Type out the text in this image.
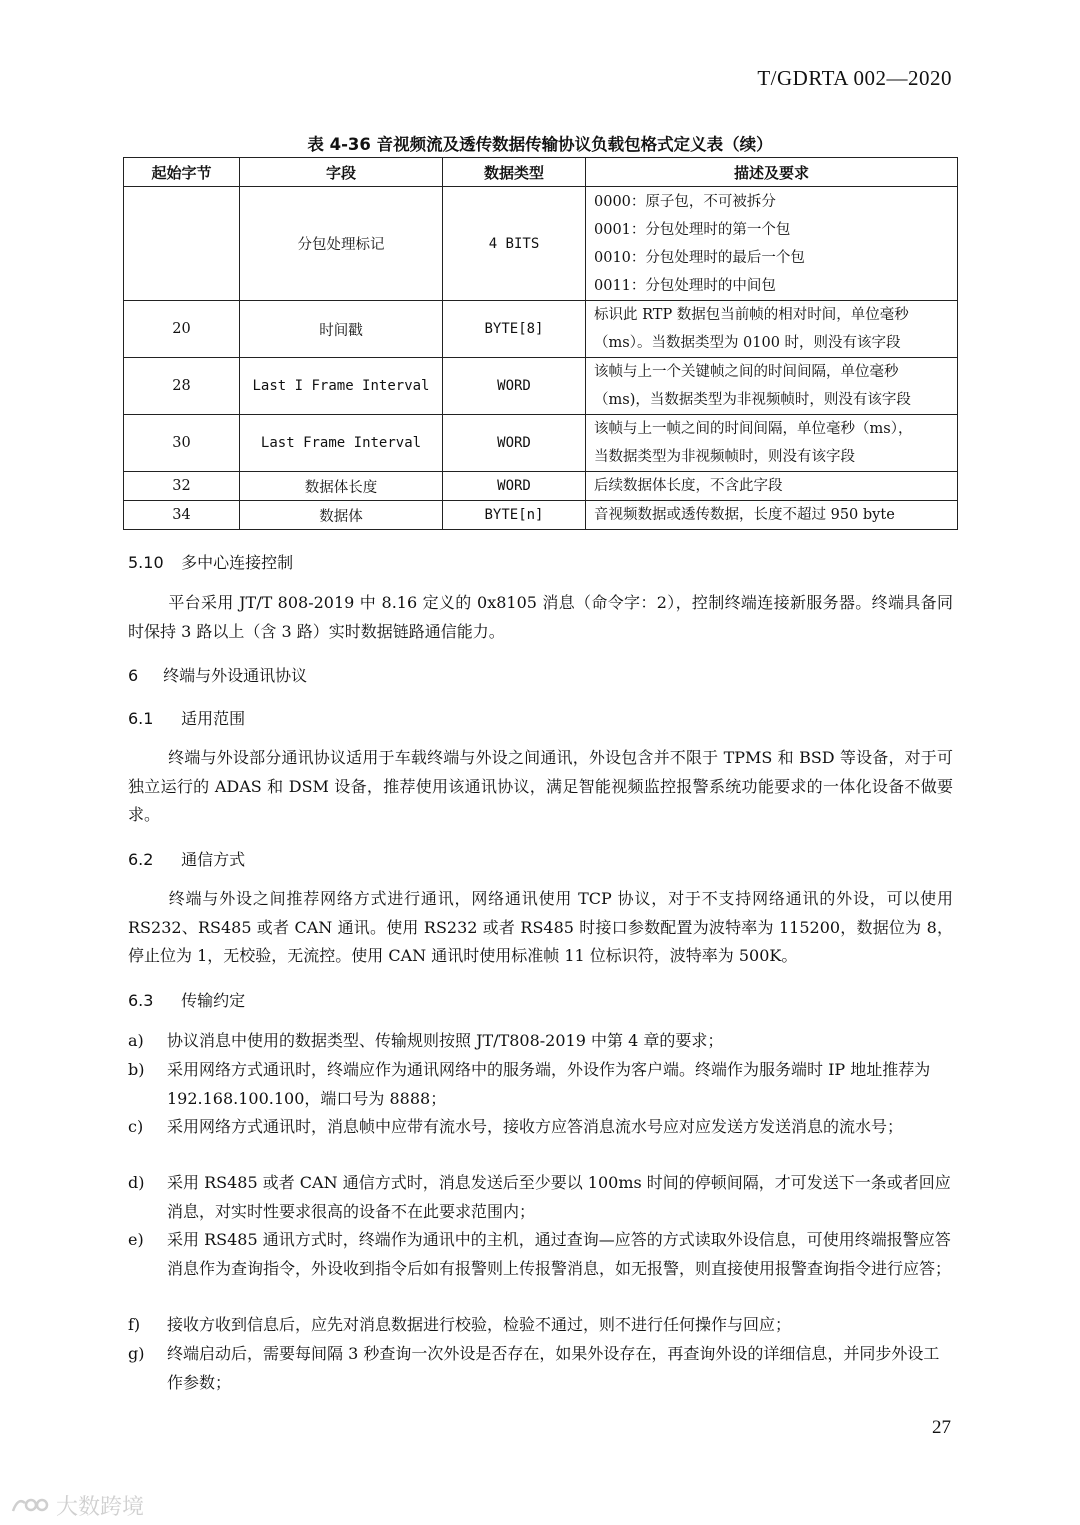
T/GDRTA 002—2020
表 4-36 音视频流及透传数据传输协议负载包格式定义表（续）
起始字节	字段	数据类型	描述及要求
	分包处理标记	4 BITS	0000：原子包，不可被拆分
0001：分包处理时的第一个包
0010：分包处理时的最后一个包
0011：分包处理时的中间包

20	时间戳	BYTE[8]	标识此 RTP 数据包当前帧的相对时间，单位毫秒
（ms）。当数据类型为 0100 时，则没有该字段

28	Last I Frame Interval	WORD	该帧与上一个关键帧之间的时间间隔，单位毫秒
（ms)，当数据类型为非视频帧时，则没有该字段

30	Last Frame Interval	WORD	该帧与上一帧之间的时间间隔，单位毫秒（ms），
当数据类型为非视频帧时，则没有该字段

32	数据体长度	WORD	后续数据体长度，不含此字段

34	数据体	BYTE[n]	音视频数据或透传数据，长度不超过 950 byte
5.10 多中心连接控制
平台采用 JT/T 808-2019 中 8.16 定义的 0x8105 消息（命令字：2），控制终端连接新服务器。终端具备同时保持 3 路以上（含 3 路）实时数据链路通信能力。
6 终端与外设通讯协议
6.1 适用范围
终端与外设部分通讯协议适用于车载终端与外设之间通讯，外设包含并不限于 TPMS 和 BSD 等设备，对于可独立运行的 ADAS 和 DSM 设备，推荐使用该通讯协议，满足智能视频监控报警系统功能要求的一体化设备不做要求。
6.2 通信方式
终端与外设之间推荐网络方式进行通讯，网络通讯使用 TCP 协议，对于不支持网络通讯的外设，可以使用 RS232、RS485 或者 CAN 通讯。使用 RS232 或者 RS485 时接口参数配置为波特率为 115200，数据位为 8，停止位为 1，无校验，无流控。使用 CAN 通讯时使用标准帧 11 位标识符，波特率为 500K。
6.3 传输约定
a)	协议消息中使用的数据类型、传输规则按照 JT/T808-2019 中第 4 章的要求；
b)	采用网络方式通讯时，终端应作为通讯网络中的服务端，外设作为客户端。终端作为服务端时 IP 地址推荐为 192.168.100.100，端口号为 8888；
c)	采用网络方式通讯时，消息帧中应带有流水号，接收方应答消息流水号应对应发送方发送消息的流水号；
d)	采用 RS485 或者 CAN 通信方式时，消息发送后至少要以 100ms 时间的停顿间隔，才可发送下一条或者回应消息，对实时性要求很高的设备不在此要求范围内；
e)	采用 RS485 通讯方式时，终端作为通讯中的主机，通过查询—应答的方式读取外设信息，可使用终端报警应答消息作为查询指令，外设收到指令后如有报警则上传报警消息，如无报警，则直接使用报警查询指令进行应答；
f)	接收方收到信息后，应先对消息数据进行校验，检验不通过，则不进行任何操作与回应；
g)	终端启动后，需要每间隔 3 秒查询一次外设是否存在，如果外设存在，再查询外设的详细信息，并同步外设工作参数；
27
大数跨境
